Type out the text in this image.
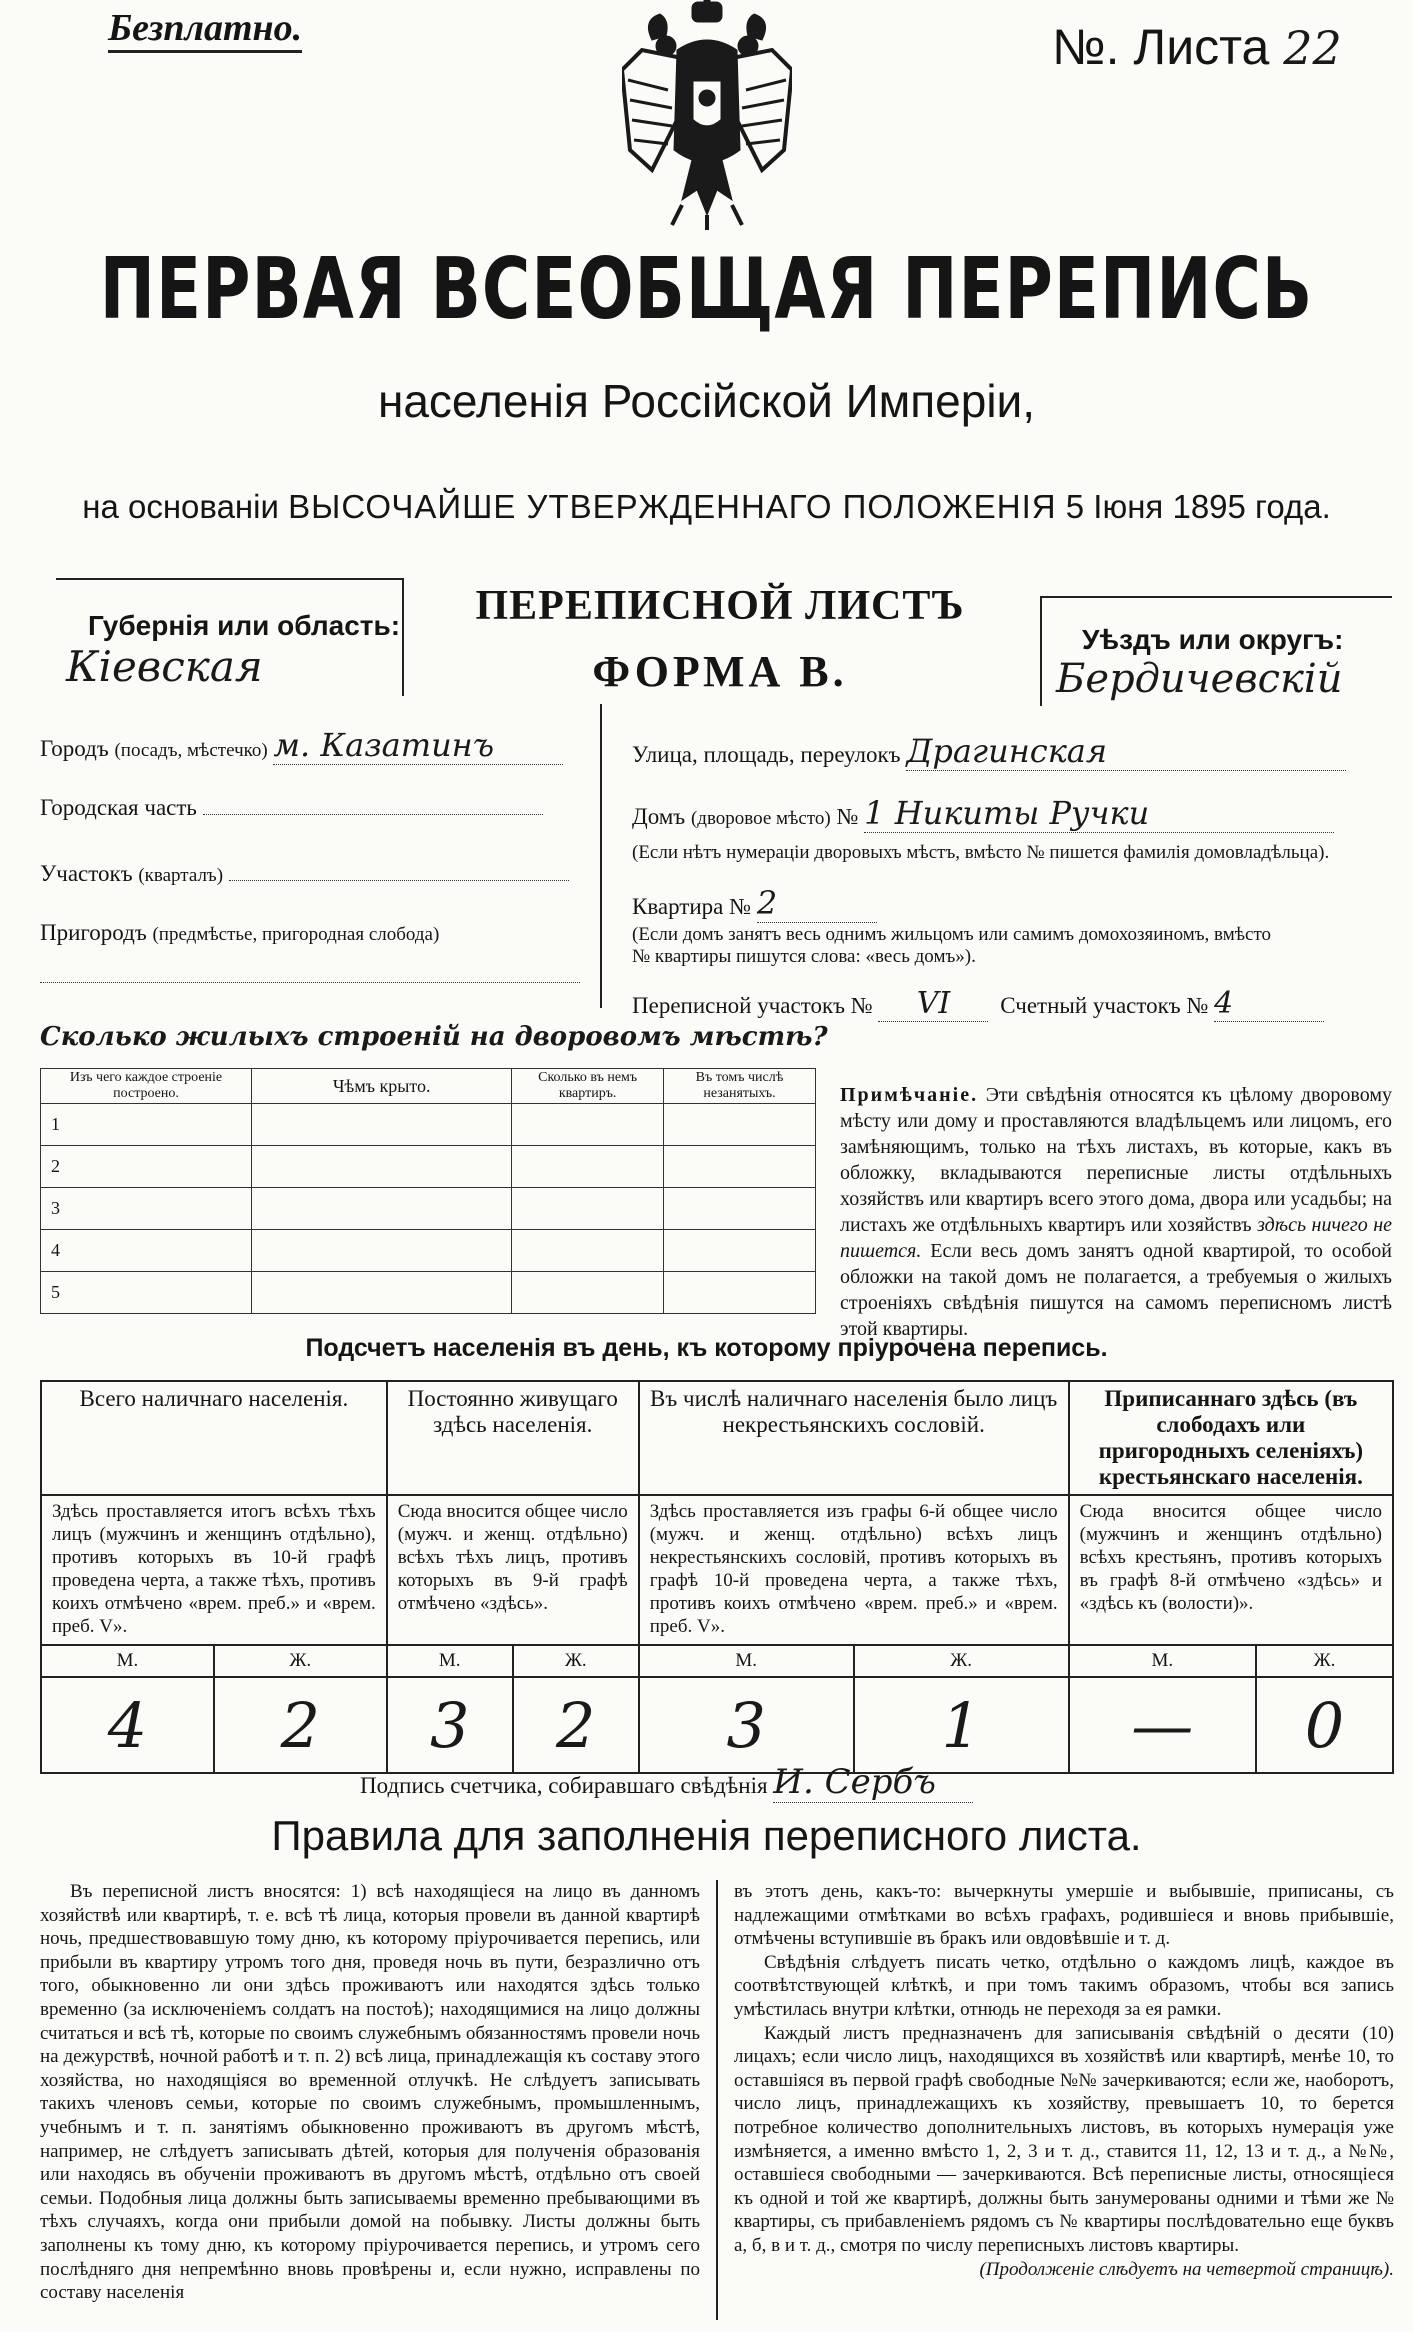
Безплатно.	№. Листа 22
ПЕРВАЯ ВСЕОБЩАЯ ПЕРЕПИСЬ
населенія Россійской Имперіи,
на основаніи ВЫСОЧАЙШЕ УТВЕРЖДЕННАГО ПОЛОЖЕНІЯ 5 Іюня 1895 года.
Губернія или область:
Кіевская
ПЕРЕПИСНОЙ ЛИСТЪ
ФОРМА В.
Уѣздъ или округъ:
Бердичевскій
Городъ (посадъ, мѣстечко) м. Казатинъ
Городская часть
Участокъ (кварталъ)
Пригородъ (предмѣстье, пригородная слобода)
Улица, площадь, переулокъ Драгинская
Домъ (дворовое мѣсто) № 1 Никиты Ручки
(Если нѣтъ нумераціи дворовыхъ мѣстъ, вмѣсто № пишется фамилія домовладѣльца).
Квартира № 2
(Если домъ занятъ весь однимъ жильцомъ или самимъ домохозяиномъ, вмѣсто
№ квартиры пишутся слова: «весь домъ»).
Переписной участокъ № VI Счетный участокъ № 4
Сколько жилыхъ строеній на дворовомъ мѣстѣ?
Изъ чего каждое строеніе построено.	Чѣмъ крыто.	Сколько въ немъ квартиръ.	Въ томъ числѣ незанятыхъ.
1			
2			
3			
4			
5			
Примѣчаніе. Эти свѣдѣнія относятся къ цѣлому дворовому мѣсту или дому и проставляются владѣльцемъ или лицомъ, его замѣняющимъ, только на тѣхъ листахъ, въ которые, какъ въ обложку, вкладываются переписные листы отдѣльныхъ хозяйствъ или квартиръ всего этого дома, двора или усадьбы; на листахъ же отдѣльныхъ квартиръ или хозяйствъ здѣсь ничего не пишется. Если весь домъ занятъ одной квартирой, то особой обложки на такой домъ не полагается, а требуемыя о жилыхъ строеніяхъ свѣдѣнія пишутся на самомъ переписномъ листѣ этой квартиры.
Подсчетъ населенія въ день, къ которому пріурочена перепись.
Всего наличнаго населенія.		Постоянно живущаго здѣсь населенія.		Въ числѣ наличнаго населенія было лицъ некрестьянскихъ сословій.		Приписаннаго здѣсь (въ слободахъ или пригородныхъ селеніяхъ) крестьянскаго населенія.	
Здѣсь проставляется итогъ всѣхъ тѣхъ лицъ (мужчинъ и женщинъ отдѣльно), противъ которыхъ въ 10-й графѣ проведена черта, а также тѣхъ, противъ коихъ отмѣчено «врем. преб.» и «врем. преб. V».		Сюда вносится общее число (мужч. и женщ. отдѣльно) всѣхъ тѣхъ лицъ, противъ которыхъ въ 9-й графѣ отмѣчено «здѣсь».		Здѣсь проставляется изъ графы 6-й общее число (мужч. и женщ. отдѣльно) всѣхъ лицъ некрестьянскихъ сословій, противъ которыхъ въ графѣ 10-й проведена черта, а также тѣхъ, противъ коихъ отмѣчено «врем. преб.» и «врем. преб. V».		Сюда вносится общее число (мужчинъ и женщинъ отдѣльно) всѣхъ крестьянъ, противъ которыхъ въ графѣ 8-й отмѣчено «здѣсь» и «здѣсь къ (волости)».	
М.	Ж.	М.	Ж.	М.	Ж.	М.	Ж.
4	2	3	2	3	1	—	0
Подпись счетчика, собиравшаго свѣдѣнія И. Сербъ
Правила для заполненія переписного листа.
Въ переписной листъ вносятся: 1) всѣ находящіеся на лицо въ данномъ хозяйствѣ или квартирѣ, т. е. всѣ тѣ лица, которыя провели въ данной квартирѣ ночь, предшествовавшую тому дню, къ которому пріурочивается перепись, или прибыли въ квартиру утромъ того дня, проведя ночь въ пути, безразлично отъ того, обыкновенно ли они здѣсь проживаютъ или находятся здѣсь только временно (за исключеніемъ солдатъ на постоѣ); находящимися на лицо должны считаться и всѣ тѣ, которые по своимъ служебнымъ обязанностямъ провели ночь на дежурствѣ, ночной работѣ и т. п. 2) всѣ лица, принадлежащія къ составу этого хозяйства, но находящіяся во временной отлучкѣ. Не слѣдуетъ записывать такихъ членовъ семьи, которые по своимъ служебнымъ, промышленнымъ, учебнымъ и т. п. занятіямъ обыкновенно проживаютъ въ другомъ мѣстѣ, например, не слѣдуетъ записывать дѣтей, которыя для полученія образованія или находясь въ обученіи проживаютъ въ другомъ мѣстѣ, отдѣльно отъ своей семьи. Подобныя лица должны быть записываемы временно пребывающими въ тѣхъ случаяхъ, когда они прибыли домой на побывку. Листы должны быть заполнены къ тому дню, къ которому пріурочивается перепись, и утромъ сего послѣдняго дня непремѣнно вновь провѣрены и, если нужно, исправлены по составу населенія
въ этотъ день, какъ-то: вычеркнуты умершіе и выбывшіе, приписаны, съ надлежащими отмѣтками во всѣхъ графахъ, родившіеся и вновь прибывшіе, отмѣчены вступившіе въ бракъ или овдовѣвшіе и т. д.
Свѣдѣнія слѣдуетъ писать четко, отдѣльно о каждомъ лицѣ, каждое въ соотвѣтствующей клѣткѣ, и при томъ такимъ образомъ, чтобы вся запись умѣстилась внутри клѣтки, отнюдь не переходя за ея рамки.
Каждый листъ предназначенъ для записыванія свѣдѣній о десяти (10) лицахъ; если число лицъ, находящихся въ хозяйствѣ или квартирѣ, менѣе 10, то оставшіяся въ первой графѣ свободные №№ зачеркиваются; если же, наоборотъ, число лицъ, принадлежащихъ къ хозяйству, превышаетъ 10, то берется потребное количество дополнительныхъ листовъ, въ которыхъ нумерація уже измѣняется, а именно вмѣсто 1, 2, 3 и т. д., ставится 11, 12, 13 и т. д., а №№, оставшіеся свободными — зачеркиваются. Всѣ переписные листы, относящіеся къ одной и той же квартирѣ, должны быть занумерованы одними и тѣми же № квартиры, съ прибавленіемъ рядомъ съ № квартиры послѣдовательно еще буквъ а, б, в и т. д., смотря по числу переписныхъ листовъ квартиры.
(Продолженіе слѣдуетъ на четвертой страницѣ).
